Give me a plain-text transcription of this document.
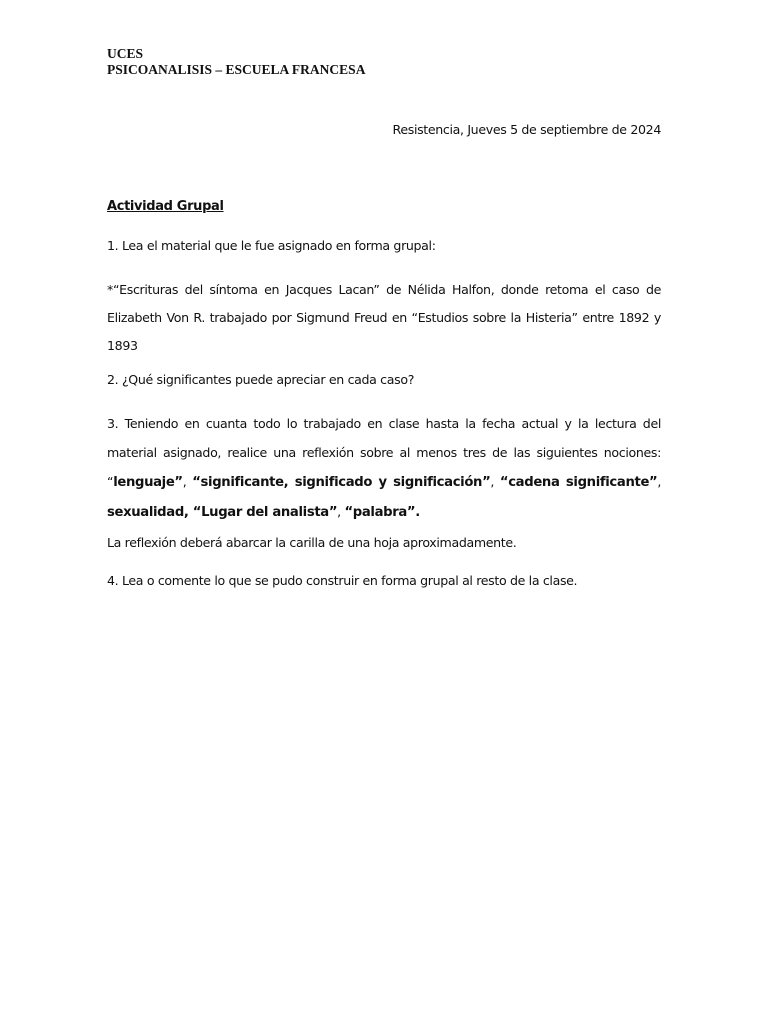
UCES
PSICOANALISIS – ESCUELA FRANCESA
Resistencia, Jueves 5 de septiembre de 2024
Actividad Grupal
1. Lea el material que le fue asignado en forma grupal:
*“Escrituras del síntoma en Jacques Lacan” de Nélida Halfon, donde retoma el caso de Elizabeth Von R. trabajado por Sigmund Freud en “Estudios sobre la Histeria” entre 1892 y 1893
2. ¿Qué significantes puede apreciar en cada caso?
3. Teniendo en cuanta todo lo trabajado en clase hasta la fecha actual y la lectura del material asignado, realice una reflexión sobre al menos tres de las siguientes nociones: “lenguaje”, “significante, significado y significación”, “cadena significante”, sexualidad, “Lugar del analista”, “palabra”.
La reflexión deberá abarcar la carilla de una hoja aproximadamente.
4. Lea o comente lo que se pudo construir en forma grupal al resto de la clase.
